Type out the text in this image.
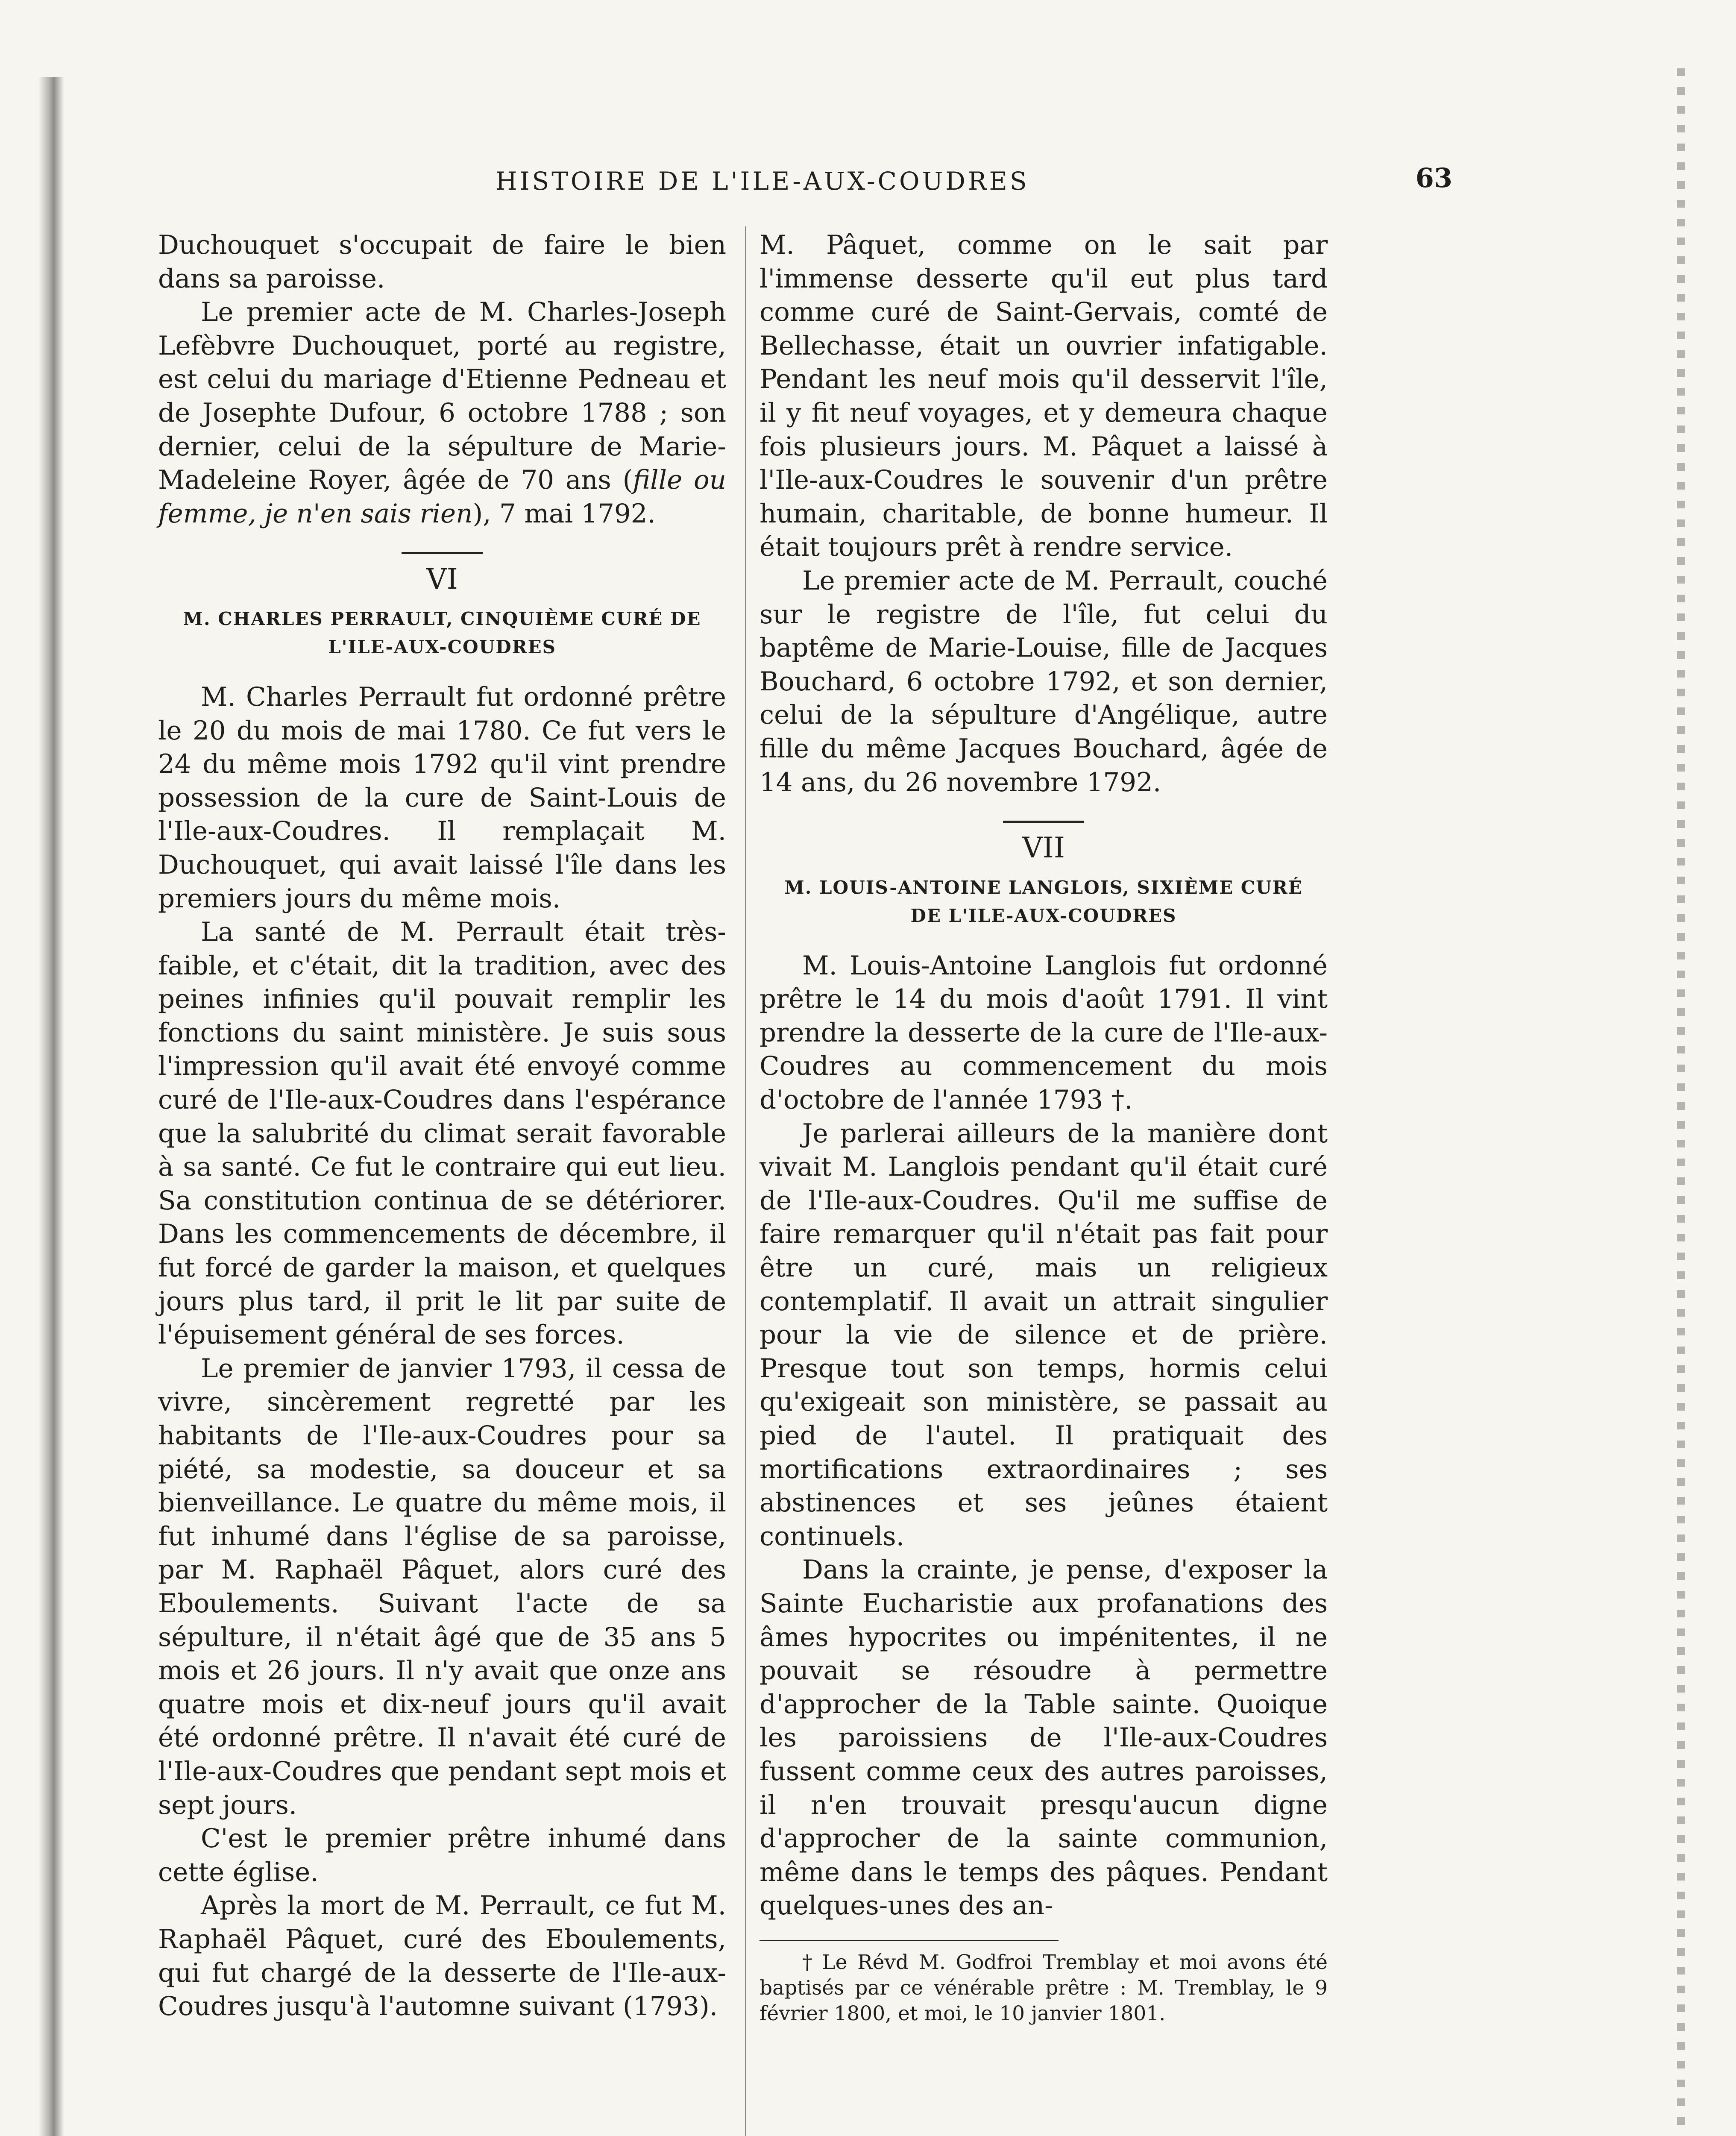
HISTOIRE DE L'ILE-AUX-COUDRES	63

Duchouquet s'occupait de faire le bien dans sa paroisse.

Le premier acte de M. Charles-Joseph Lefèbvre Duchouquet, porté au registre, est celui du mariage d'Etienne Pedneau et de Josephte Dufour, 6 octobre 1788 ; son dernier, celui de la sépulture de Marie-Madeleine Royer, âgée de 70 ans (fille ou femme, je n'en sais rien), 7 mai 1792.

VI
M. CHARLES PERRAULT, CINQUIÈME CURÉ DE
L'ILE-AUX-COUDRES

M. Charles Perrault fut ordonné prêtre le 20 du mois de mai 1780. Ce fut vers le 24 du même mois 1792 qu'il vint prendre possession de la cure de Saint-Louis de l'Ile-aux-Coudres. Il remplaçait M. Duchouquet, qui avait laissé l'île dans les premiers jours du même mois.

La santé de M. Perrault était très-faible, et c'était, dit la tradition, avec des peines infinies qu'il pouvait remplir les fonctions du saint ministère. Je suis sous l'impression qu'il avait été envoyé comme curé de l'Ile-aux-Coudres dans l'espérance que la salubrité du climat serait favorable à sa santé. Ce fut le contraire qui eut lieu. Sa constitution continua de se détériorer. Dans les commencements de décembre, il fut forcé de garder la maison, et quelques jours plus tard, il prit le lit par suite de l'épuisement général de ses forces.

Le premier de janvier 1793, il cessa de vivre, sincèrement regretté par les habitants de l'Ile-aux-Coudres pour sa piété, sa modestie, sa douceur et sa bienveillance. Le quatre du même mois, il fut inhumé dans l'église de sa paroisse, par M. Raphaël Pâquet, alors curé des Eboulements. Suivant l'acte de sa sépulture, il n'était âgé que de 35 ans 5 mois et 26 jours. Il n'y avait que onze ans quatre mois et dix-neuf jours qu'il avait été ordonné prêtre. Il n'avait été curé de l'Ile-aux-Coudres que pendant sept mois et sept jours.

C'est le premier prêtre inhumé dans cette église.

Après la mort de M. Perrault, ce fut M. Raphaël Pâquet, curé des Eboulements, qui fut chargé de la desserte de l'Ile-aux-Coudres jusqu'à l'automne suivant (1793).

M. Pâquet, comme on le sait par l'immense desserte qu'il eut plus tard comme curé de Saint-Gervais, comté de Bellechasse, était un ouvrier infatigable. Pendant les neuf mois qu'il desservit l'île, il y fit neuf voyages, et y demeura chaque fois plusieurs jours. M. Pâquet a laissé à l'Ile-aux-Coudres le souvenir d'un prêtre humain, charitable, de bonne humeur. Il était toujours prêt à rendre service.

Le premier acte de M. Perrault, couché sur le registre de l'île, fut celui du baptême de Marie-Louise, fille de Jacques Bouchard, 6 octobre 1792, et son dernier, celui de la sépulture d'Angélique, autre fille du même Jacques Bouchard, âgée de 14 ans, du 26 novembre 1792.

VII
M. LOUIS-ANTOINE LANGLOIS, SIXIÈME CURÉ
DE L'ILE-AUX-COUDRES

M. Louis-Antoine Langlois fut ordonné prêtre le 14 du mois d'août 1791. Il vint prendre la desserte de la cure de l'Ile-aux-Coudres au commencement du mois d'octobre de l'année 1793 †.

Je parlerai ailleurs de la manière dont vivait M. Langlois pendant qu'il était curé de l'Ile-aux-Coudres. Qu'il me suffise de faire remarquer qu'il n'était pas fait pour être un curé, mais un religieux contemplatif. Il avait un attrait singulier pour la vie de silence et de prière. Presque tout son temps, hormis celui qu'exigeait son ministère, se passait au pied de l'autel. Il pratiquait des mortifications extraordinaires ; ses abstinences et ses jeûnes étaient continuels.

Dans la crainte, je pense, d'exposer la Sainte Eucharistie aux profanations des âmes hypocrites ou impénitentes, il ne pouvait se résoudre à permettre d'approcher de la Table sainte. Quoique les paroissiens de l'Ile-aux-Coudres fussent comme ceux des autres paroisses, il n'en trouvait presqu'aucun digne d'approcher de la sainte communion, même dans le temps des pâques. Pendant quelques-unes des an-

† Le Révd M. Godfroi Tremblay et moi avons été baptisés par ce vénérable prêtre : M. Tremblay, le 9 février 1800, et moi, le 10 janvier 1801.
